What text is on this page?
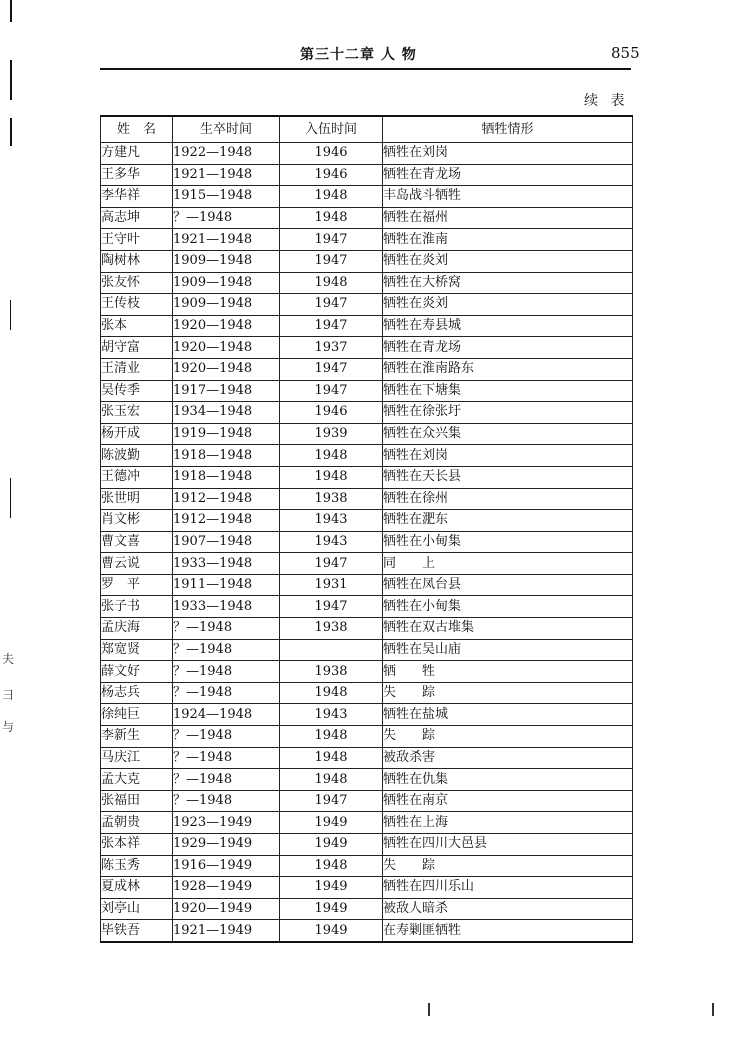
夫
彐
与
第三十二章 人 物	855
续 表
姓　名	生卒时间	入伍时间	牺牲情形
方建凡	1922—1948	1946	牺牲在刘岗
王多华	1921—1948	1946	牺牲在青龙场
李华祥	1915—1948	1948	丰岛战斗牺牲
高志坤	？—1948	1948	牺牲在福州
王守叶	1921—1948	1947	牺牲在淮南
陶树林	1909—1948	1947	牺牲在炎刘
张友怀	1909—1948	1948	牺牲在大桥窝
王传枝	1909—1948	1947	牺牲在炎刘
张本	1920—1948	1947	牺牲在寿县城
胡守富	1920—1948	1937	牺牲在青龙场
王清业	1920—1948	1947	牺牲在淮南路东
吴传季	1917—1948	1947	牺牲在下塘集
张玉宏	1934—1948	1946	牺牲在徐张圩
杨开成	1919—1948	1939	牺牲在众兴集
陈波勤	1918—1948	1948	牺牲在刘岗
王德冲	1918—1948	1948	牺牲在天长县
张世明	1912—1948	1938	牺牲在徐州
肖文彬	1912—1948	1943	牺牲在淝东
曹文喜	1907—1948	1943	牺牲在小甸集
曹云说	1933—1948	1947	同　　上
罗　平	1911—1948	1931	牺牲在凤台县
张子书	1933—1948	1947	牺牲在小甸集
孟庆海	？—1948	1938	牺牲在双古堆集
郑宽贤	？—1948		牺牲在吴山庙
薛文好	？—1948	1938	牺　　牲
杨志兵	？—1948	1948	失　　踪
徐纯巨	1924—1948	1943	牺牲在盐城
李新生	？—1948	1948	失　　踪
马庆江	？—1948	1948	被敌杀害
孟大克	？—1948	1948	牺牲在仇集
张福田	？—1948	1947	牺牲在南京
孟朝贵	1923—1949	1949	牺牲在上海
张本祥	1929—1949	1949	牺牲在四川大邑县
陈玉秀	1916—1949	1948	失　　踪
夏成林	1928—1949	1949	牺牲在四川乐山
刘亭山	1920—1949	1949	被敌人暗杀
毕铁吾	1921—1949	1949	在寿剿匪牺牲
